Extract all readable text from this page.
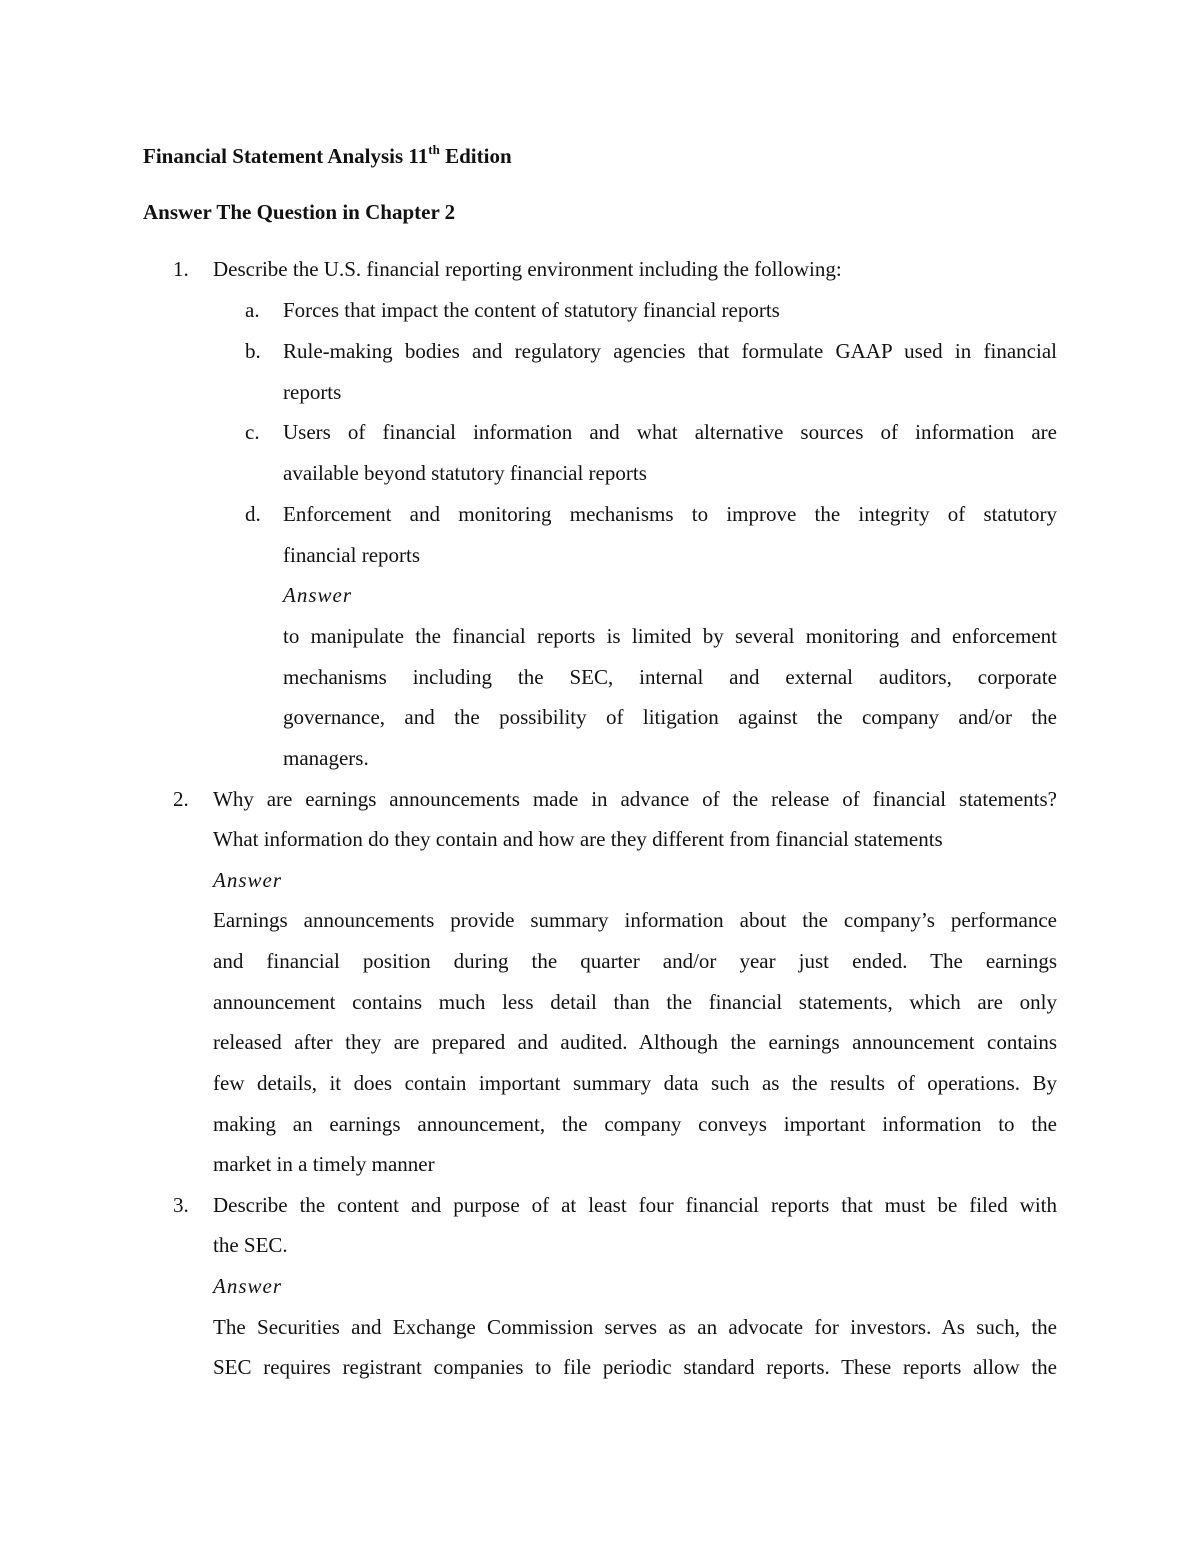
Financial Statement Analysis 11th Edition
Answer The Question in Chapter 2
1. Describe the U.S. financial reporting environment including the following:
a. Forces that impact the content of statutory financial reports
b. Rule-making bodies and regulatory agencies that formulate GAAP used in financial
reports
c. Users of financial information and what alternative sources of information are
available beyond statutory financial reports
d. Enforcement and monitoring mechanisms to improve the integrity of statutory
financial reports
Answer
to manipulate the financial reports is limited by several monitoring and enforcement
mechanisms including the SEC, internal and external auditors, corporate
governance, and the possibility of litigation against the company and/or the
managers.
2. Why are earnings announcements made in advance of the release of financial statements?
What information do they contain and how are they different from financial statements
Answer
Earnings announcements provide summary information about the company’s performance
and financial position during the quarter and/or year just ended. The earnings
announcement contains much less detail than the financial statements, which are only
released after they are prepared and audited. Although the earnings announcement contains
few details, it does contain important summary data such as the results of operations. By
making an earnings announcement, the company conveys important information to the
market in a timely manner
3. Describe the content and purpose of at least four financial reports that must be filed with
the SEC.
Answer
The Securities and Exchange Commission serves as an advocate for investors. As such, the
SEC requires registrant companies to file periodic standard reports. These reports allow the
